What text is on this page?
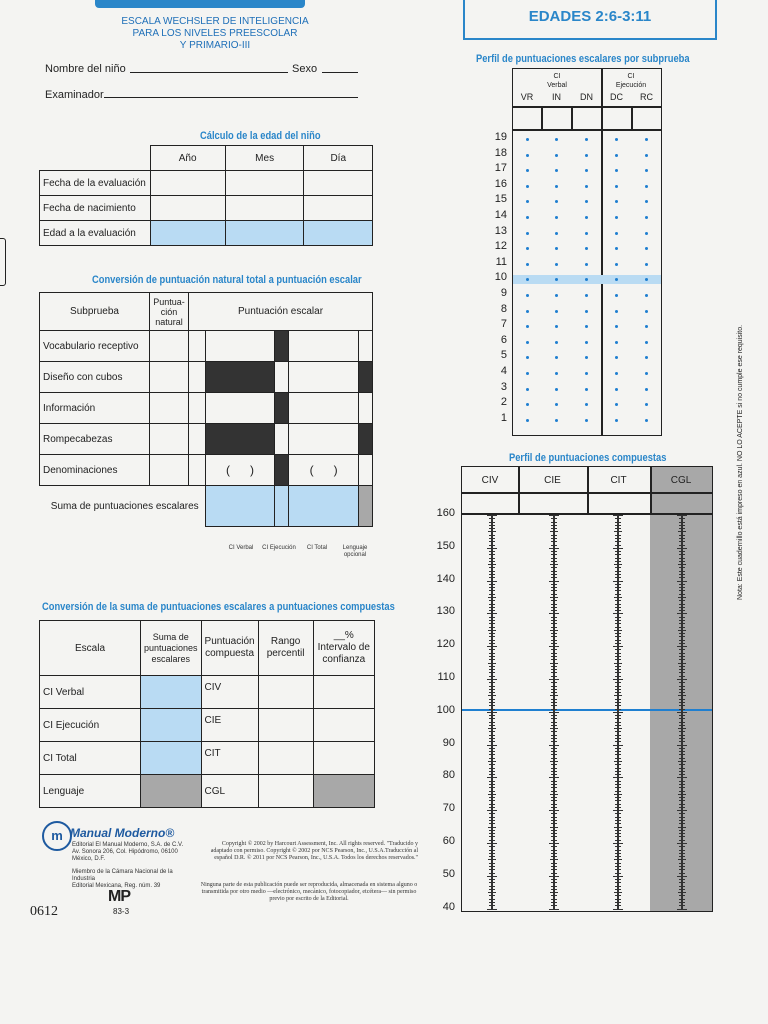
ESCALA WECHSLER DE INTELIGENCIA
PARA LOS NIVELES PREESCOLAR
Y PRIMARIO-III
EDADES 2:6-3:11
Nombre del niño	Sexo
Examinador
Cálculo de la edad del niño
	Año	Mes	Día
Fecha de la evaluación			
Fecha de nacimiento			
Edad a la evaluación			
Conversión de puntuación natural total a puntuación escalar
Subprueba	Puntua-
ción
natural	Puntuación escalar				
Vocabulario receptivo						
Diseño con cubos						
Información						
Rompecabezas						
Denominaciones			(      )		(      )	
Suma de puntuaciones escalares						
CI Verbal	CI Ejecución	CI Total	Lenguaje opcional
Conversión de la suma de puntuaciones escalares a puntuaciones compuestas
Escala	Suma de puntuaciones escalares	Puntuación compuesta	Rango percentil	__%
Intervalo de confianza
CI Verbal		CIV		
CI Ejecución		CIE		
CI Total		CIT		
Lenguaje		CGL		
m Manual Moderno®
Editorial El Manual Moderno, S.A. de C.V.
Av. Sonora 206, Col. Hipódromo, 06100
México, D.F.
Miembro de la Cámara Nacional de la Industria
Editorial Mexicana, Reg. núm. 39
Copyright © 2002 by Harcourt Assessment, Inc. All rights reserved. "Traducido y adaptado con permiso. Copyright © 2002 por NCS Pearson, Inc., U.S.A.Traducción al español D.R. © 2011 por NCS Pearson, Inc., U.S.A. Todos los derechos reservados."
Ninguna parte de esta publicación puede ser reproducida, almacenada en sistema alguno o transmitida por otro medio —electrónico, mecánico, fotocopiador, etcétera— sin permiso previo por escrito de la Editorial.
MP
83-3
0612
Perfil de puntuaciones escalares por subprueba
CI
Verbal
CI
Ejecución
VR	IN	DN	DC	RC
19
18
17
16
15
14
13
12
11
10
9
8
7
6
5
4
3
2
1
Perfil de puntuaciones compuestas
CIV	CIE	CIT	CGL
160
150
140
130
120
110
100
90
80
70
60
50
40
Nota: Este cuadernillo está impreso en azul. NO LO ACEPTE si no cumple ese requisito.
